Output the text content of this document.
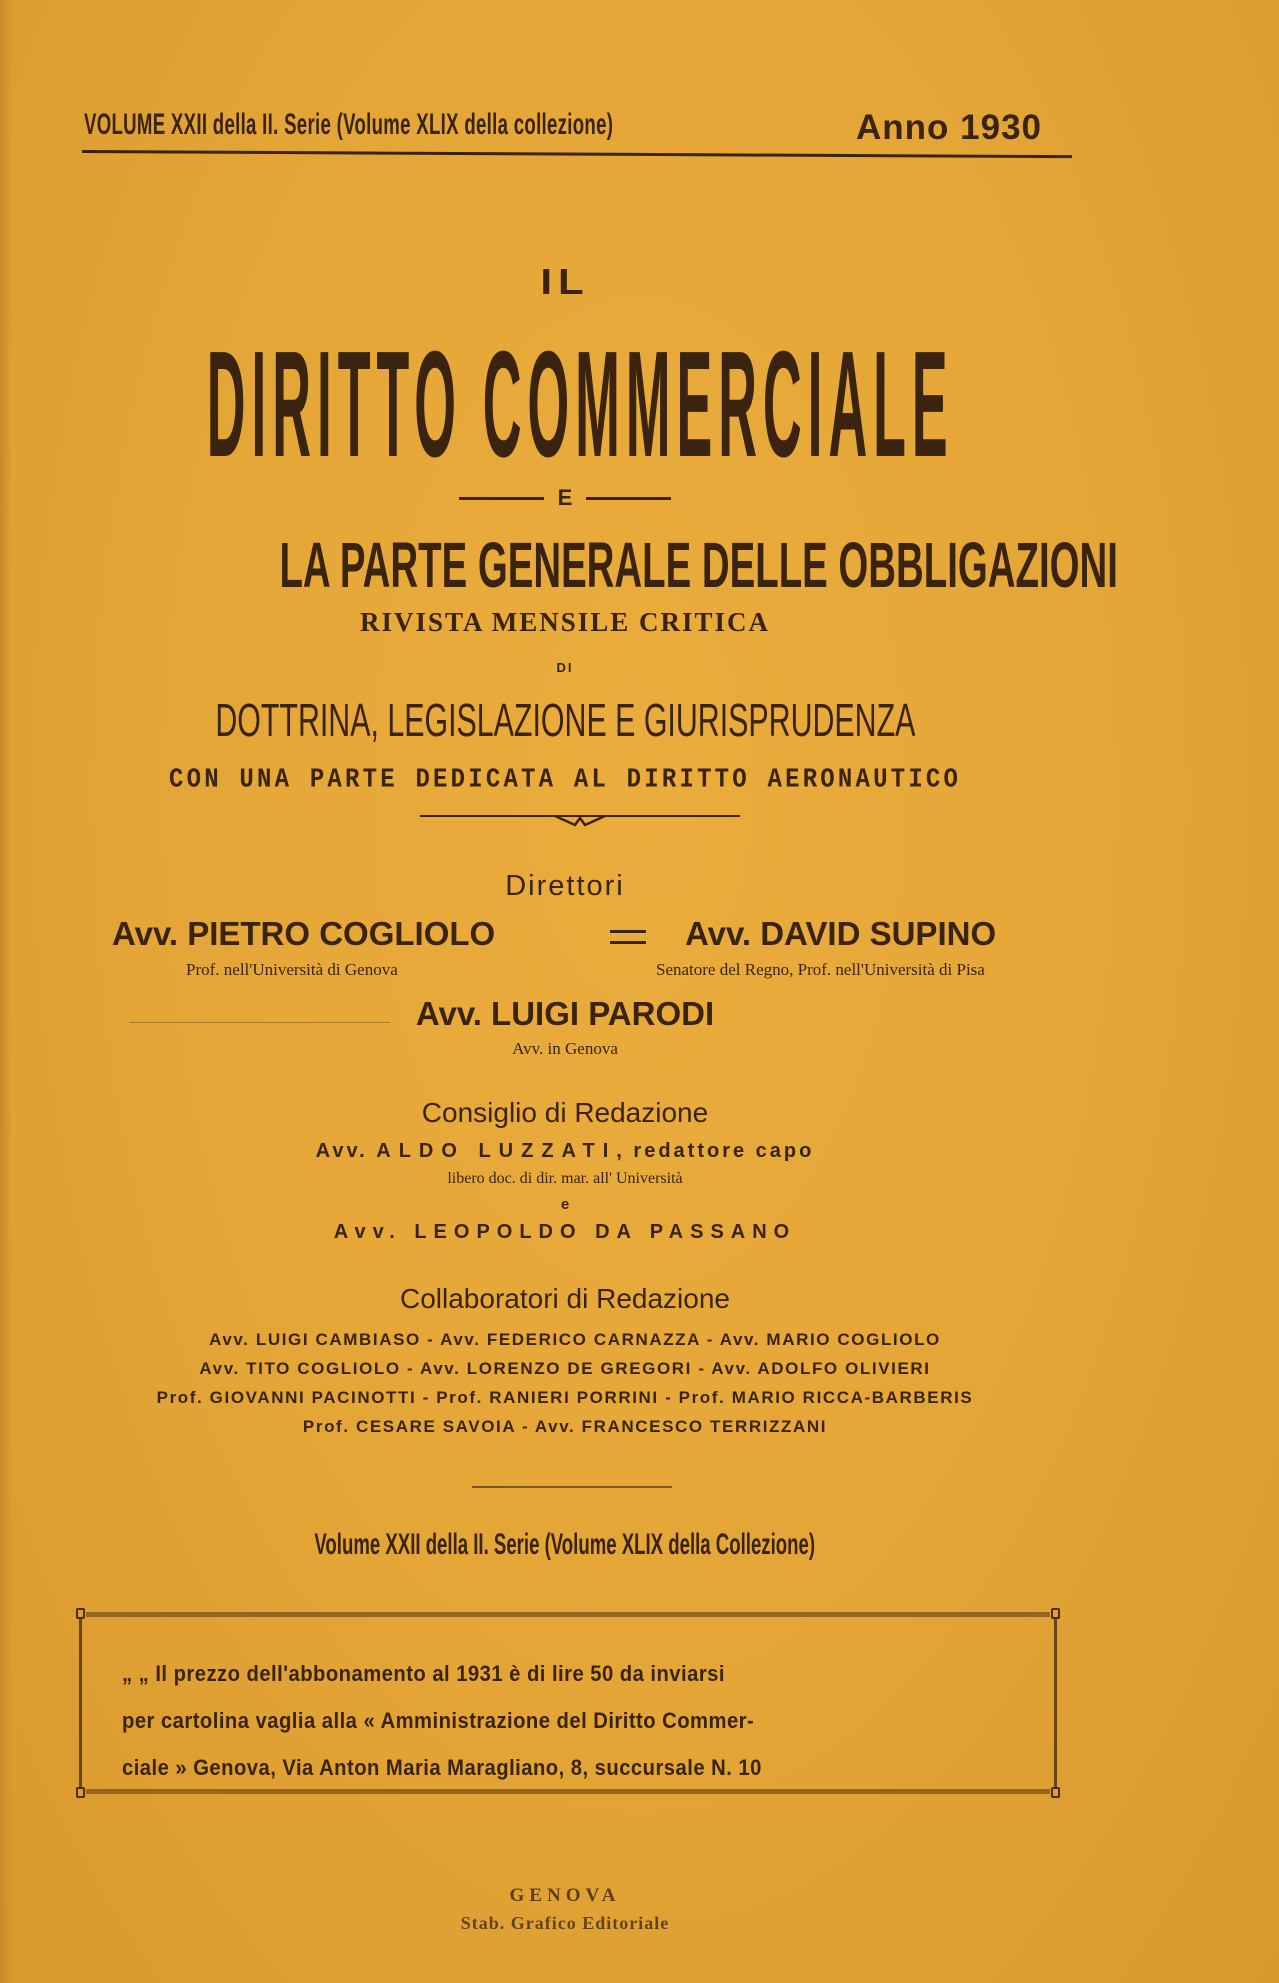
VOLUME XXII della II. Serie (Volume XLIX della collezione)	Anno 1930
IL
DIRITTO COMMERCIALE
E
LA PARTE GENERALE DELLE OBBLIGAZIONI
RIVISTA MENSILE CRITICA
DI
DOTTRINA, LEGISLAZIONE E GIURISPRUDENZA
CON UNA PARTE DEDICATA AL DIRITTO AERONAUTICO
Direttori
Avv. PIETRO COGLIOLO	Avv. DAVID SUPINO
Prof. nell'Università di Genova	Senatore del Regno, Prof. nell'Università di Pisa
Avv. LUIGI PARODI
Avv. in Genova
Consiglio di Redazione
Avv. ALDO LUZZATI, redattore capo
libero doc. di dir. mar. all' Università
e
Avv. LEOPOLDO DA PASSANO
Collaboratori di Redazione
Avv. LUIGI CAMBIASO - Avv. FEDERICO CARNAZZA - Avv. MARIO COGLIOLO
Avv. TITO COGLIOLO - Avv. LORENZO DE GREGORI - Avv. ADOLFO OLIVIERI
Prof. GIOVANNI PACINOTTI - Prof. RANIERI PORRINI - Prof. MARIO RICCA-BARBERIS
Prof. CESARE SAVOIA - Avv. FRANCESCO TERRIZZANI
Volume XXII della II. Serie (Volume XLIX della Collezione)
„ „ Il prezzo dell'abbonamento al 1931 è di lire 50 da inviarsi
per cartolina vaglia alla « Amministrazione del Diritto Commer-
ciale » Genova, Via Anton Maria Maragliano, 8, succursale N. 10
GENOVA
Stab. Grafico Editoriale
